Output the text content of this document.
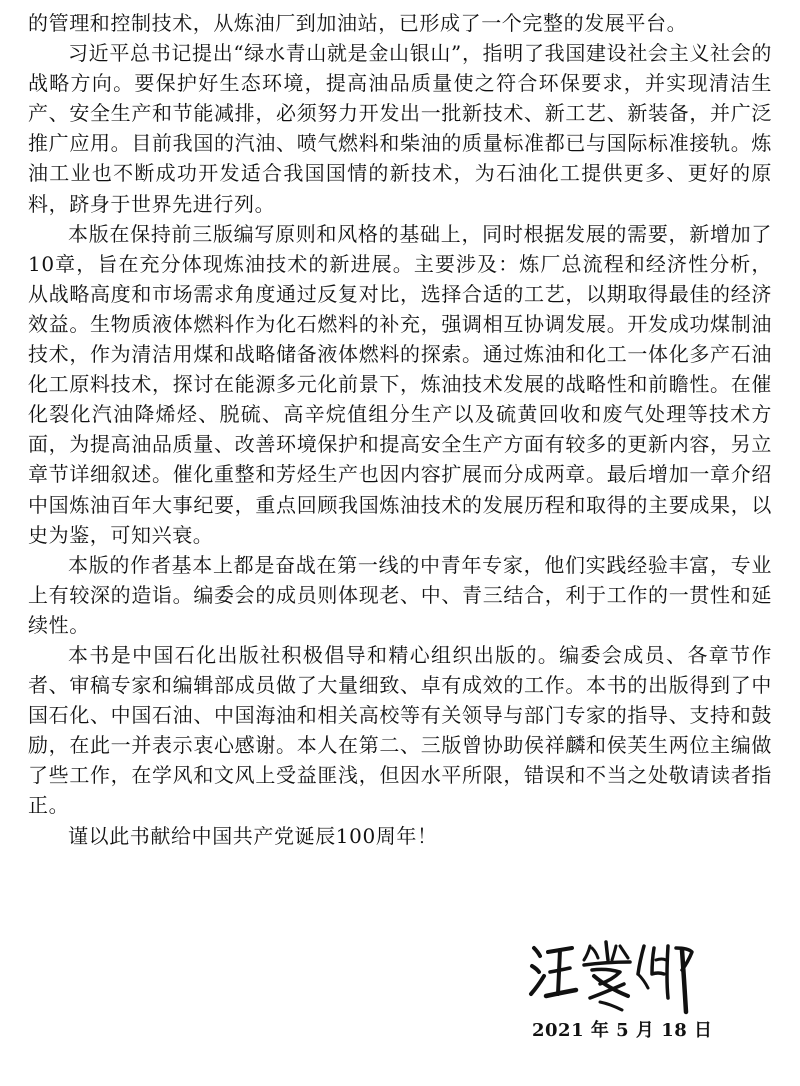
的管理和控制技术，从炼油厂到加油站，已形成了一个完整的发展平台。

习近平总书记提出“绿水青山就是金山银山”，指明了我国建设社会主义社会的战略方向。要保护好生态环境，提高油品质量使之符合环保要求，并实现清洁生产、安全生产和节能减排，必须努力开发出一批新技术、新工艺、新装备，并广泛推广应用。目前我国的汽油、喷气燃料和柴油的质量标准都已与国际标准接轨。炼油工业也不断成功开发适合我国国情的新技术，为石油化工提供更多、更好的原料，跻身于世界先进行列。

本版在保持前三版编写原则和风格的基础上，同时根据发展的需要，新增加了10章，旨在充分体现炼油技术的新进展。主要涉及：炼厂总流程和经济性分析，从战略高度和市场需求角度通过反复对比，选择合适的工艺，以期取得最佳的经济效益。生物质液体燃料作为化石燃料的补充，强调相互协调发展。开发成功煤制油技术，作为清洁用煤和战略储备液体燃料的探索。通过炼油和化工一体化多产石油化工原料技术，探讨在能源多元化前景下，炼油技术发展的战略性和前瞻性。在催化裂化汽油降烯烃、脱硫、高辛烷值组分生产以及硫黄回收和废气处理等技术方面，为提高油品质量、改善环境保护和提高安全生产方面有较多的更新内容，另立章节详细叙述。催化重整和芳烃生产也因内容扩展而分成两章。最后增加一章介绍中国炼油百年大事纪要，重点回顾我国炼油技术的发展历程和取得的主要成果，以史为鉴，可知兴衰。

本版的作者基本上都是奋战在第一线的中青年专家，他们实践经验丰富，专业上有较深的造诣。编委会的成员则体现老、中、青三结合，利于工作的一贯性和延续性。

本书是中国石化出版社积极倡导和精心组织出版的。编委会成员、各章节作者、审稿专家和编辑部成员做了大量细致、卓有成效的工作。本书的出版得到了中国石化、中国石油、中国海油和相关高校等有关领导与部门专家的指导、支持和鼓励，在此一并表示衷心感谢。本人在第二、三版曾协助侯祥麟和侯芙生两位主编做了些工作，在学风和文风上受益匪浅，但因水平所限，错误和不当之处敬请读者指正。

谨以此书献给中国共产党诞辰100周年！

2021 年 5 月 18 日
